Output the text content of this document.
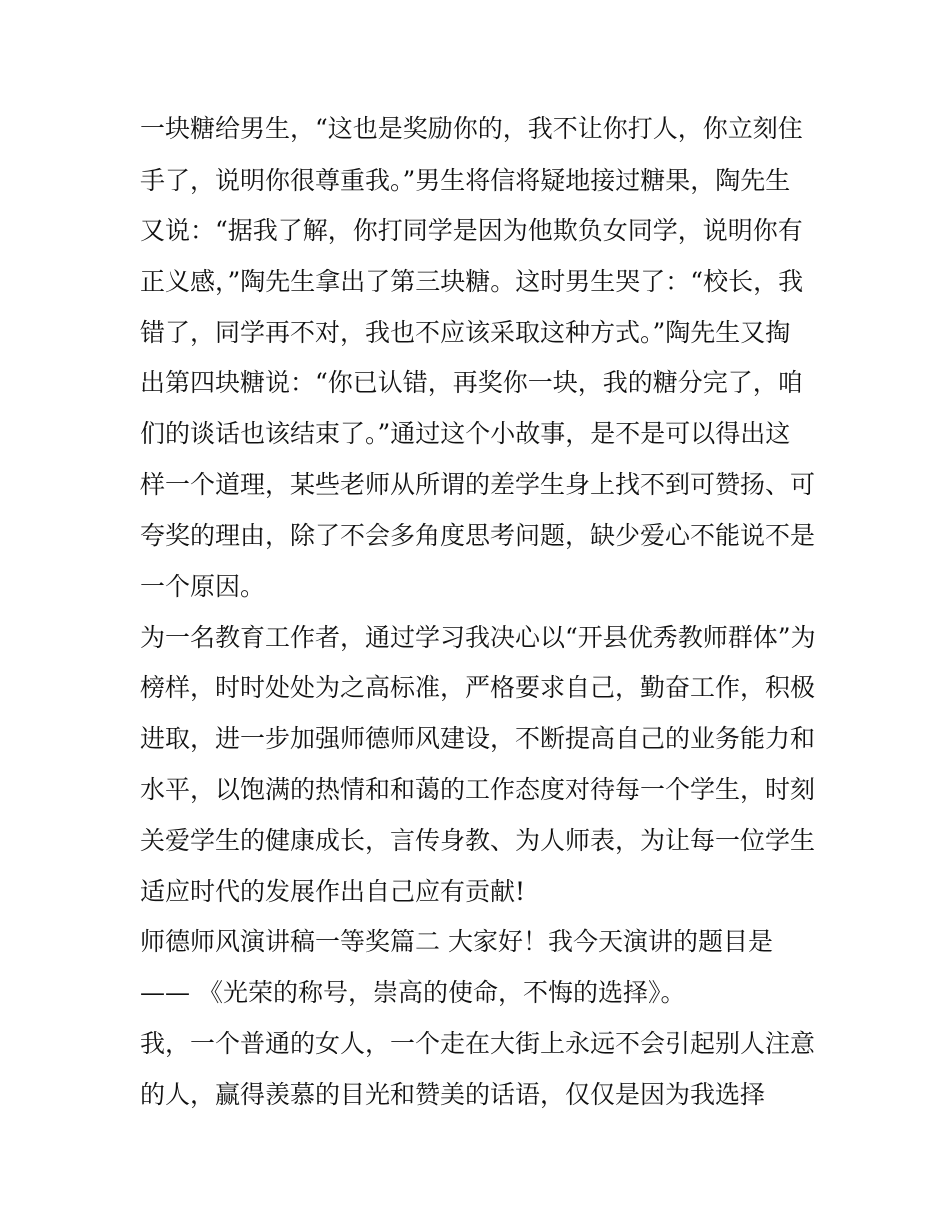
一块糖给男生，“这也是奖励你的，我不让你打人，你立刻住
手了，说明你很尊重我。”男生将信将疑地接过糖果，陶先生
又说：“据我了解，你打同学是因为他欺负女同学，说明你有
正义感，”陶先生拿出了第三块糖。这时男生哭了：“校长，我
错了，同学再不对，我也不应该采取这种方式。”陶先生又掏
出第四块糖说：“你已认错，再奖你一块，我的糖分完了，咱
们的谈话也该结束了。”通过这个小故事，是不是可以得出这
样一个道理，某些老师从所谓的差学生身上找不到可赞扬、可
夸奖的理由，除了不会多角度思考问题，缺少爱心不能说不是
一个原因。
为一名教育工作者，通过学习我决心以“开县优秀教师群体”为
榜样，时时处处为之高标准，严格要求自己，勤奋工作，积极
进取，进一步加强师德师风建设，不断提高自己的业务能力和
水平，以饱满的热情和和蔼的工作态度对待每一个学生，时刻
关爱学生的健康成长，言传身教、为人师表，为让每一位学生
适应时代的发展作出自己应有贡献!
师德师风演讲稿一等奖篇二 大家好！我今天演讲的题目是
—— 《光荣的称号，崇高的使命，不悔的选择》。
我，一个普通的女人，一个走在大街上永远不会引起别人注意
的人，赢得羡慕的目光和赞美的话语，仅仅是因为我选择
